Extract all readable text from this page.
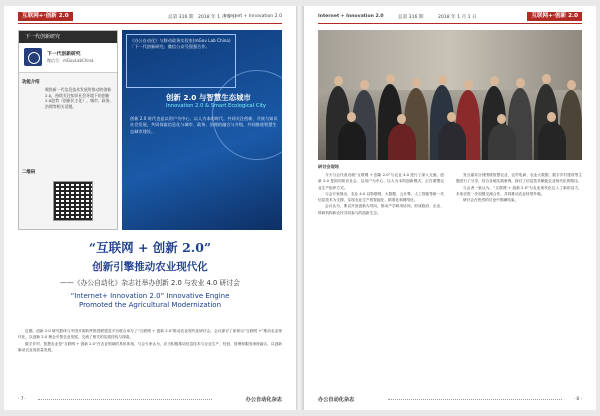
互联网+·创新 2.0	总第 316 期 2018 年 1 月 1 日
Internet + Innovation 2.0
下一代创新研究
下一代创新研究
微信号：mGovLabChina
功能介绍
聚焦新一代信息技术发展所推动的创新2.0，持续关注知识社会环境下的创新2.0趋势（创新民主化）、城市、政务、治理等相关话题。
二维码
《办公自动化》与移动政务实验室(mGov Lab China)「下一代创新研究」微信公众号强强合作。
创新 2.0 与智慧生态城市
Innovation 2.0 & Smart Ecological City
创新 2.0 时代也是以用户为中心、以人为本的时代。共同关注创新、开放与知识社会发展，共同探索信息化与城市、政务、治理的融合与升级，共同推进智慧生态城市建设。
“互联网 + 创新 2.0”
创新引擎推动农业现代化
——《办公自动化》杂志社举办创新 2.0 与农业 4.0 研讨会
“Internet+ Innovation 2.0” Innovative Engine
Promoted the Agricultural Modernization

近期，创新 2.0 研究群体与中国开源软件推进联盟及平台联合举办了“互联网 + 创新 2.0”推动农业现代化研讨会。会议探讨了如何以“互联网 +”推动农业现代化，以创新 2.0 理念引领农业发展，交流了相关的实践经验与探索。

数字乡村、智慧农业是“互联网 + 创新 2.0”在农业领域的具体体现。与会专家认为，应当积极推动信息技术与农业生产、经营、管理和服务深度融合，以创新驱动农业高质量发展。

· 7 ·	办公自动化杂志
Internet + Innovation 2.0	总第 316 期	2018 年 1 月 1 日	互联网+·创新 2.0
研讨会现场

今天与会代表们就“互联网 + 创新 2.0”与农业 4.0 进行了深入交流。创新 2.0 是面向知识社会、以用户为中心、以人为本的创新模式，正在重塑农业生产组织方式。

与会专家指出，农业 4.0 以物联网、大数据、云计算、人工智能等新一代信息技术为支撑，实现农业生产的智能化、精准化和网络化。

会议认为，要以开放创新为导向，推动产学研用协同，形成政府、企业、科研机构和农民共同参与的创新生态。

发言嘉宾分别围绕智慧农业、农村电商、农业大数据、数字乡村建设等主题进行了分享，结合各地实践案例，探讨了信息技术赋能农业现代化的路径。

与会者一致认为，“互联网 + 创新 2.0”为农业现代化注入了新的活力，未来应进一步加强交流合作，共同推动农业转型升级。

研讨会在热烈的讨论中圆满结束。

办公自动化杂志	· 8 ·
